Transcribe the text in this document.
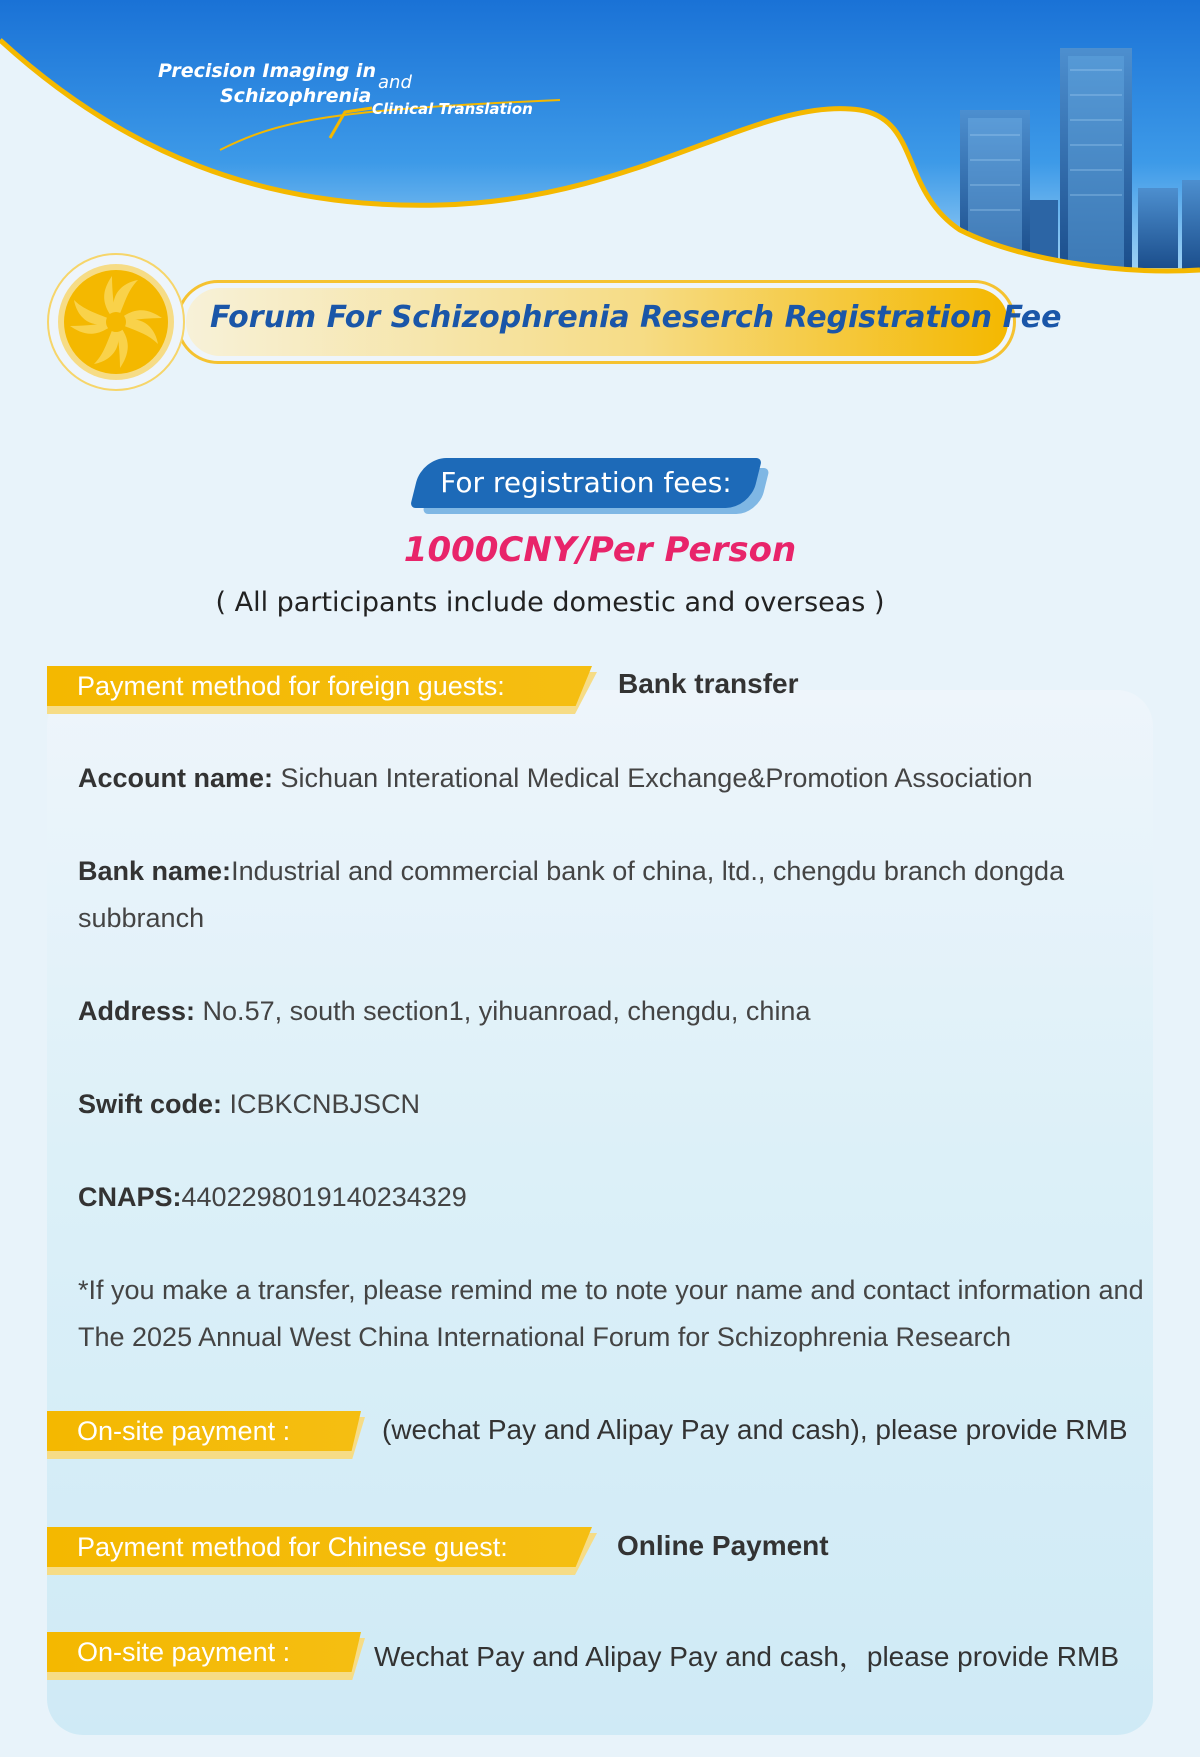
Precision Imaging in
Schizophrenia
and
Clinical Translation
Forum For Schizophrenia Reserch Registration Fee
For registration fees:
1000CNY/Per Person
( All participants include domestic and overseas )
Payment method for foreign guests:	Bank transfer
Account name: Sichuan Interational Medical Exchange&Promotion Association
Bank name:Industrial and commercial bank of china, ltd., chengdu branch dongda subbranch
Address: No.57, south section1, yihuanroad, chengdu, china
Swift code: ICBKCNBJSCN
CNAPS:440229801914023432​9
*If you make a transfer, please remind me to note your name and contact information and The 2025 Annual West China International Forum for Schizophrenia Research
On-site payment :	(wechat Pay and Alipay Pay and cash), please provide RMB
Payment method for Chinese guest:	Online Payment
On-site payment :	Wechat Pay and Alipay Pay and cash，please provide RMB
